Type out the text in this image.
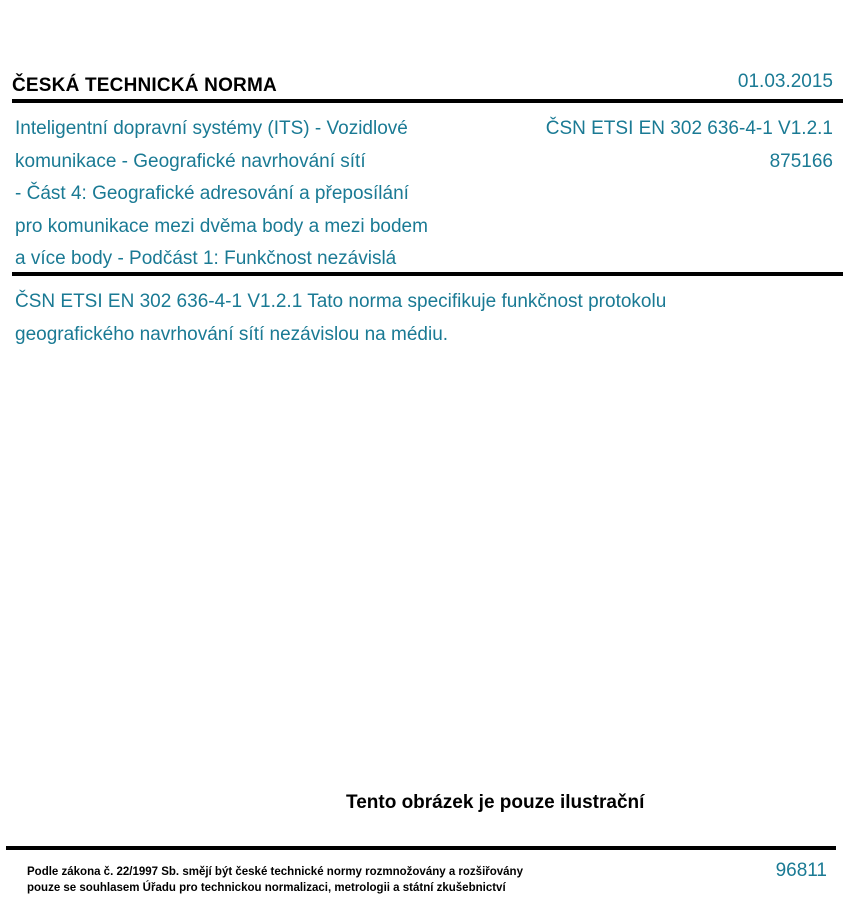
ČESKÁ TECHNICKÁ NORMA	01.03.2015
Inteligentní dopravní systémy (ITS) - Vozidlové
komunikace - Geografické navrhování sítí
- Část 4: Geografické adresování a přeposílání
pro komunikace mezi dvěma body a mezi bodem
a více body - Podčást 1: Funkčnost nezávislá
ČSN ETSI EN 302 636-4-1 V1.2.1
875166
ČSN ETSI EN 302 636-4-1 V1.2.1 Tato norma specifikuje funkčnost protokolu
geografického navrhování sítí nezávislou na médiu.
Tento obrázek je pouze ilustrační
Podle zákona č. 22/1997 Sb. smějí být české technické normy rozmnožovány a rozšiřovány
pouze se souhlasem Úřadu pro technickou normalizaci, metrologii a státní zkušebnictví
96811
